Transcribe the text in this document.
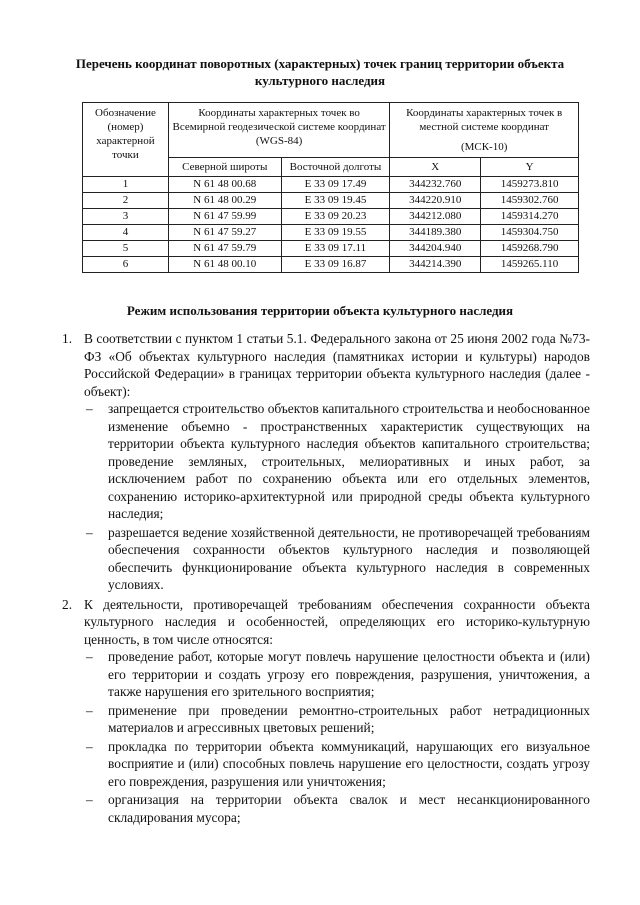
Перечень координат поворотных (характерных) точек границ территории объекта культурного наследия
Обозначение (номер) характерной точки	Координаты характерных точек во Всемирной геодезической системе координат (WGS-84)		Координаты характерных точек в местной системе координат
(МСК-10)	

	Северной широты	Восточной долготы	X	Y
1	N 61 48 00.68	E 33 09 17.49	344232.760	1459273.810
2	N 61 48 00.29	E 33 09 19.45	344220.910	1459302.760
3	N 61 47 59.99	E 33 09 20.23	344212.080	1459314.270
4	N 61 47 59.27	E 33 09 19.55	344189.380	1459304.750
5	N 61 47 59.79	E 33 09 17.11	344204.940	1459268.790
6	N 61 48 00.10	E 33 09 16.87	344214.390	1459265.110
Режим использования территории объекта культурного наследия
1. В соответствии с пунктом 1 статьи 5.1. Федерального закона от 25 июня 2002 года №73-ФЗ «Об объектах культурного наследия (памятниках истории и культуры) народов Российской Федерации» в границах территории объекта культурного наследия (далее - объект):

–	запрещается строительство объектов капитального строительства и необоснованное изменение объемно - пространственных характеристик существующих на территории объекта культурного наследия объектов капитального строительства; проведение земляных, строительных, мелиоративных и иных работ, за исключением работ по сохранению объекта или его отдельных элементов, сохранению историко-архитектурной или природной среды объекта культурного наследия;
–	разрешается ведение хозяйственной деятельности, не противоречащей требованиям обеспечения сохранности объектов культурного наследия и позволяющей обеспечить функционирование объекта культурного наследия в современных условиях.
2. К деятельности, противоречащей требованиям обеспечения сохранности объекта культурного наследия и особенностей, определяющих его историко-культурную ценность, в том числе относятся:

–	проведение работ, которые могут повлечь нарушение целостности объекта и (или) его территории и создать угрозу его повреждения, разрушения, уничтожения, а также нарушения его зрительного восприятия;
–	применение при проведении ремонтно-строительных работ нетрадиционных материалов и агрессивных цветовых решений;
–	прокладка по территории объекта коммуникаций, нарушающих его визуальное восприятие и (или) способных повлечь нарушение его целостности, создать угрозу его повреждения, разрушения или уничтожения;
–	организация на территории объекта свалок и мест несанкционированного складирования мусора;
